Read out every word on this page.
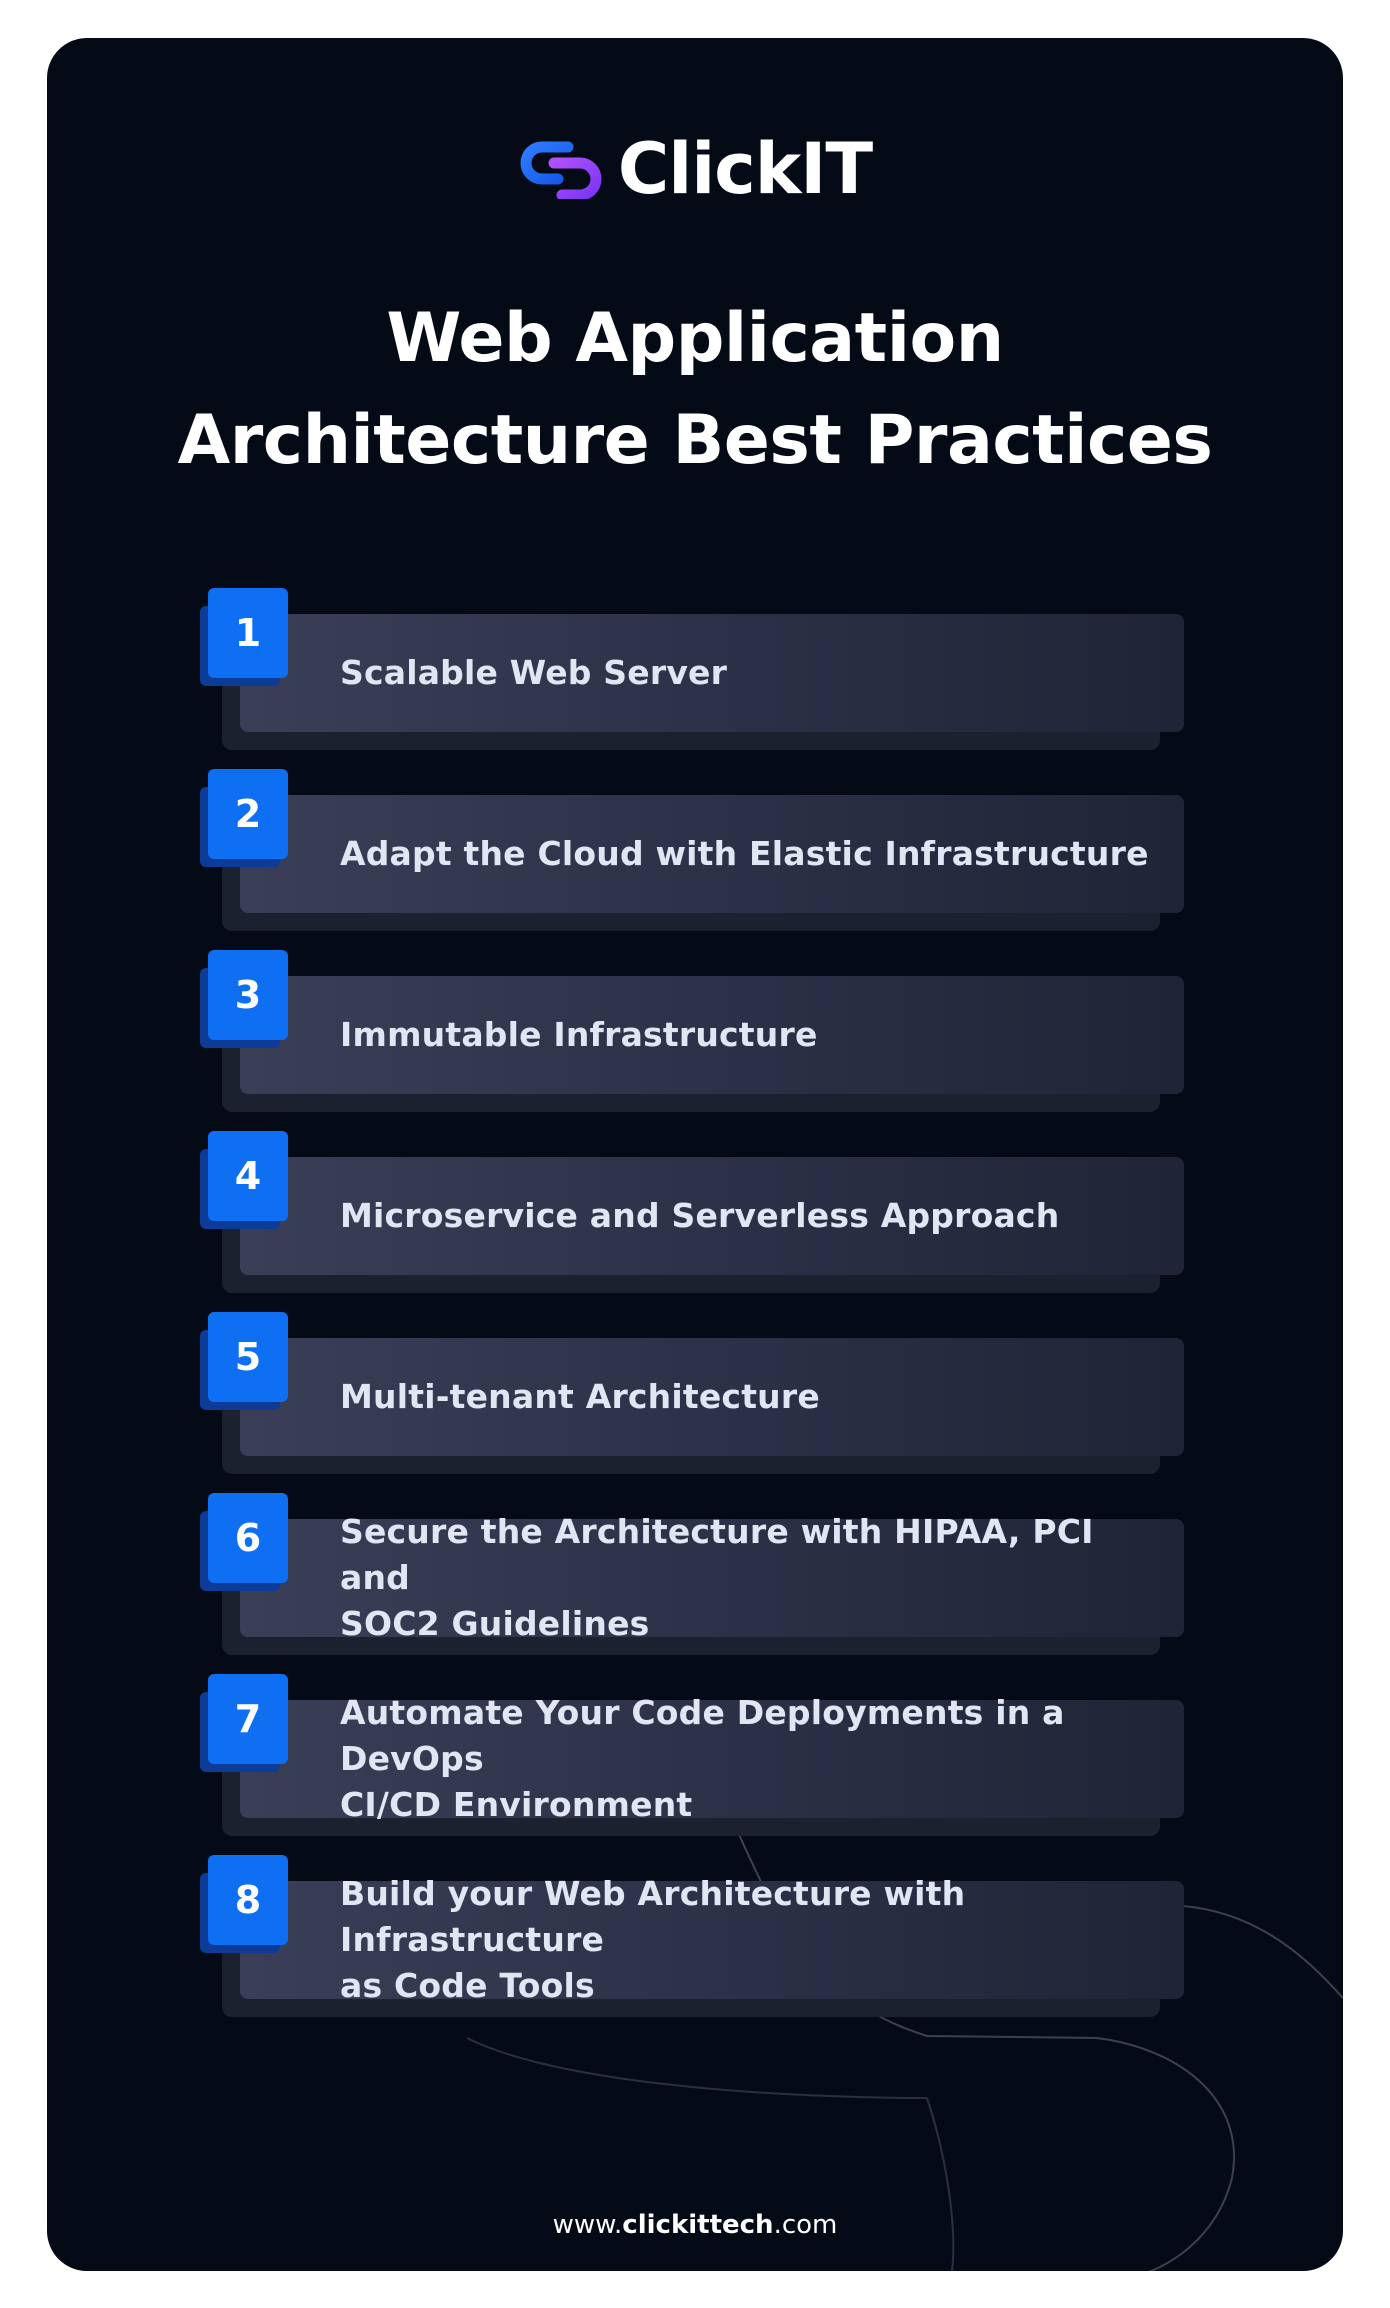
ClickIT
Web Application
Architecture Best Practices
Scalable Web Server
1
Adapt the Cloud with Elastic Infrastructure
2
Immutable Infrastructure
3
Microservice and Serverless Approach
4
Multi-tenant Architecture
5
Secure the Architecture with HIPAA, PCI and
SOC2 Guidelines
6
Automate Your Code Deployments in a DevOps
CI/CD Environment
7
Build your Web Architecture with Infrastructure
as Code Tools
8
www.clickittech.com
